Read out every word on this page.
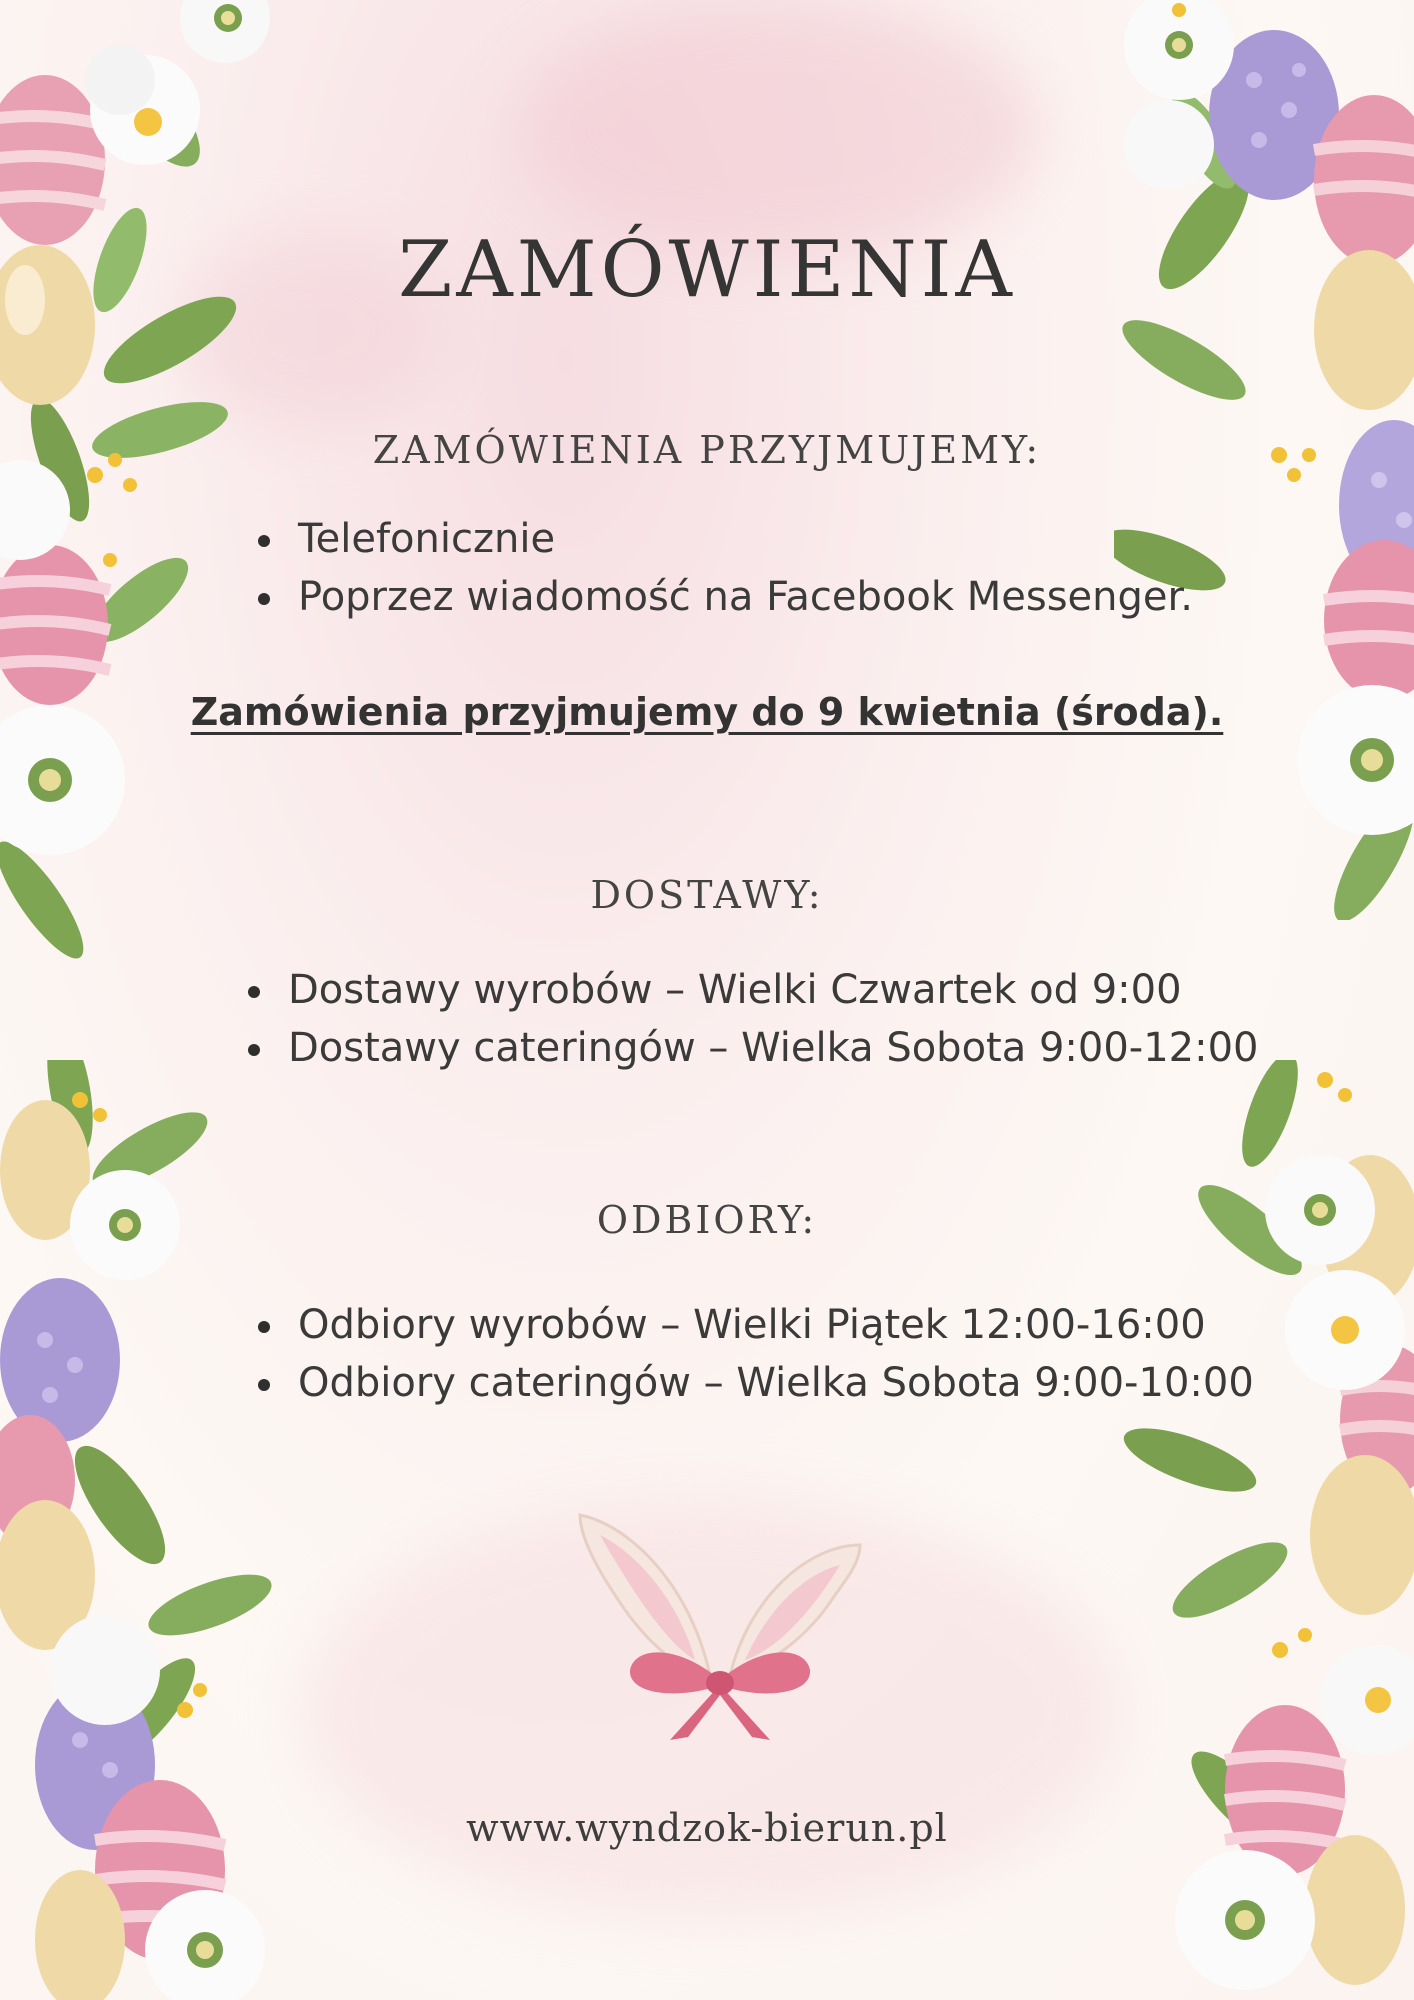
ZAMÓWIENIA
ZAMÓWIENIA PRZYJMUJEMY:
Telefonicznie
Poprzez wiadomość na Facebook Messenger.

Zamówienia przyjmujemy do 9 kwietnia (środa).

DOSTAWY:
Dostawy wyrobów – Wielki Czwartek od 9:00
Dostawy cateringów – Wielka Sobota 9:00-12:00
ODBIORY:
Odbiory wyrobów – Wielki Piątek 12:00-16:00
Odbiory cateringów – Wielka Sobota 9:00-10:00

www.wyndzok-bierun.pl
